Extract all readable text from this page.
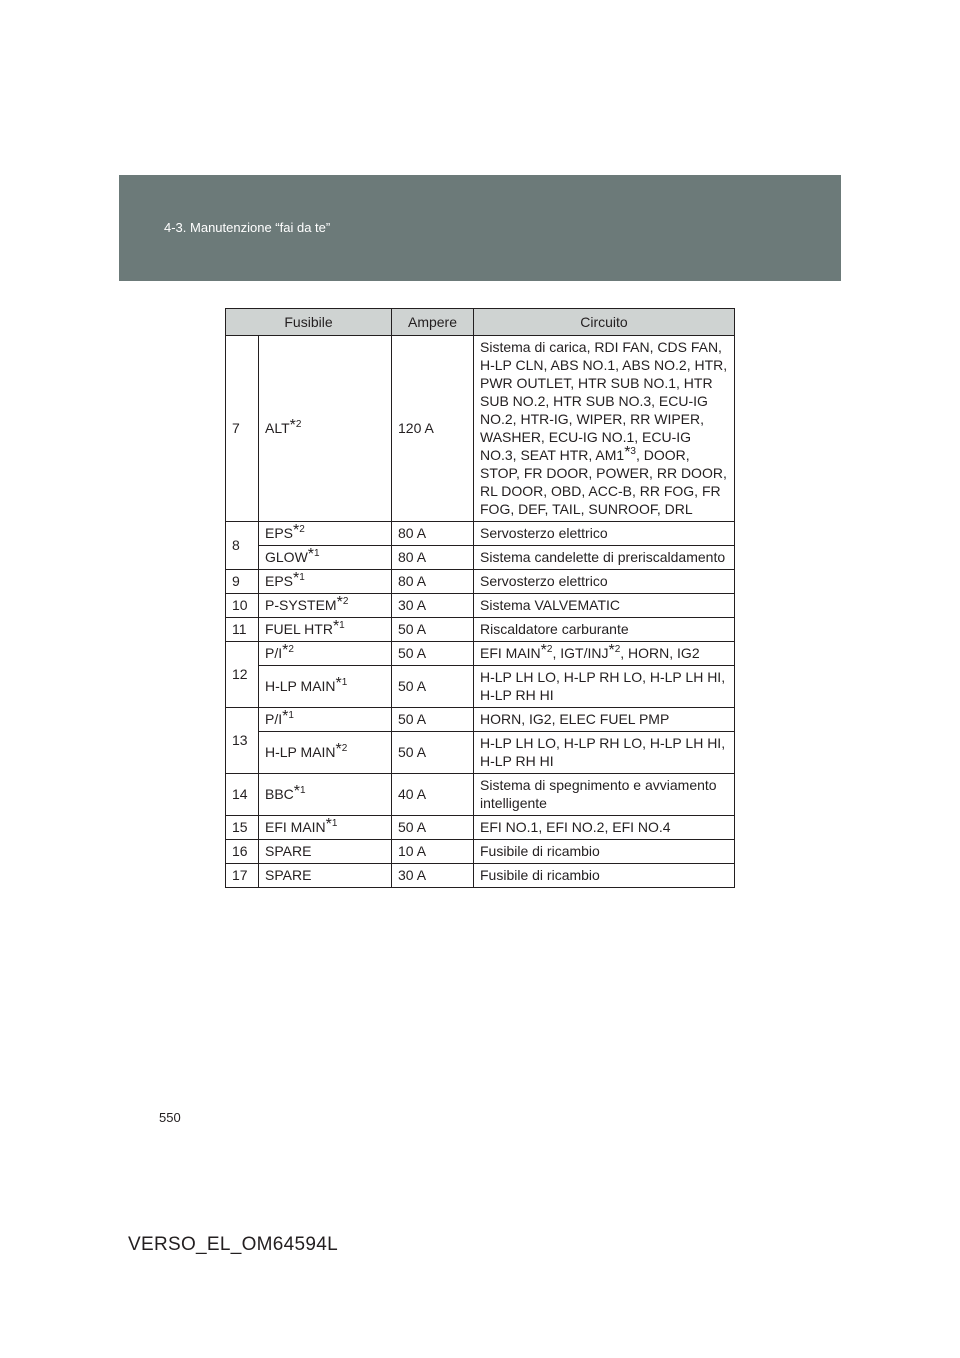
4-3. Manutenzione “fai da te”
Fusibile		Ampere	Circuito
7	ALT$^{*2}$	120 A	Sistema di carica, RDI FAN, CDS FAN, H-LP CLN, ABS NO.1, ABS NO.2, HTR, PWR OUTLET, HTR SUB NO.1, HTR SUB NO.2, HTR SUB NO.3, ECU-IG NO.2, HTR-IG, WIPER, RR WIPER, WASHER, ECU-IG NO.1, ECU-IG NO.3, SEAT HTR, AM1$^{*3}$, DOOR, STOP, FR DOOR, POWER, RR DOOR, RL DOOR, OBD, ACC-B, RR FOG, FR FOG, DEF, TAIL, SUNROOF, DRL
8	EPS$^{*2}$	80 A	Servosterzo elettrico
	GLOW$^{*1}$	80 A	Sistema candelette di preriscaldamento
9	EPS$^{*1}$	80 A	Servosterzo elettrico
10	P-SYSTEM$^{*2}$	30 A	Sistema VALVEMATIC
11	FUEL HTR$^{*1}$	50 A	Riscaldatore carburante
12	$P/I^{*2}$	50 A	EFI MAIN$^{*2}$, IGT/INJ$^{*2}$, HORN, IG2
	H-LP MAIN$^{*1}$	50 A	H-LP LH LO, H-LP RH LO, H-LP LH HI, H-LP RH HI
13	$P/I^{*1}$	50 A	HORN, IG2, ELEC FUEL PMP
	H-LP MAIN$^{*2}$	50 A	H-LP LH LO, H-LP RH LO, H-LP LH HI, H-LP RH HI
14	BBC$^{*1}$	40 A	Sistema di spegnimento e avviamento intelligente
15	EFI MAIN$^{*1}$	50 A	EFI NO.1, EFI NO.2, EFI NO.4
16	SPARE	10 A	Fusibile di ricambio
17	SPARE	30 A	Fusibile di ricambio
550
VERSO_EL_OM64594L
